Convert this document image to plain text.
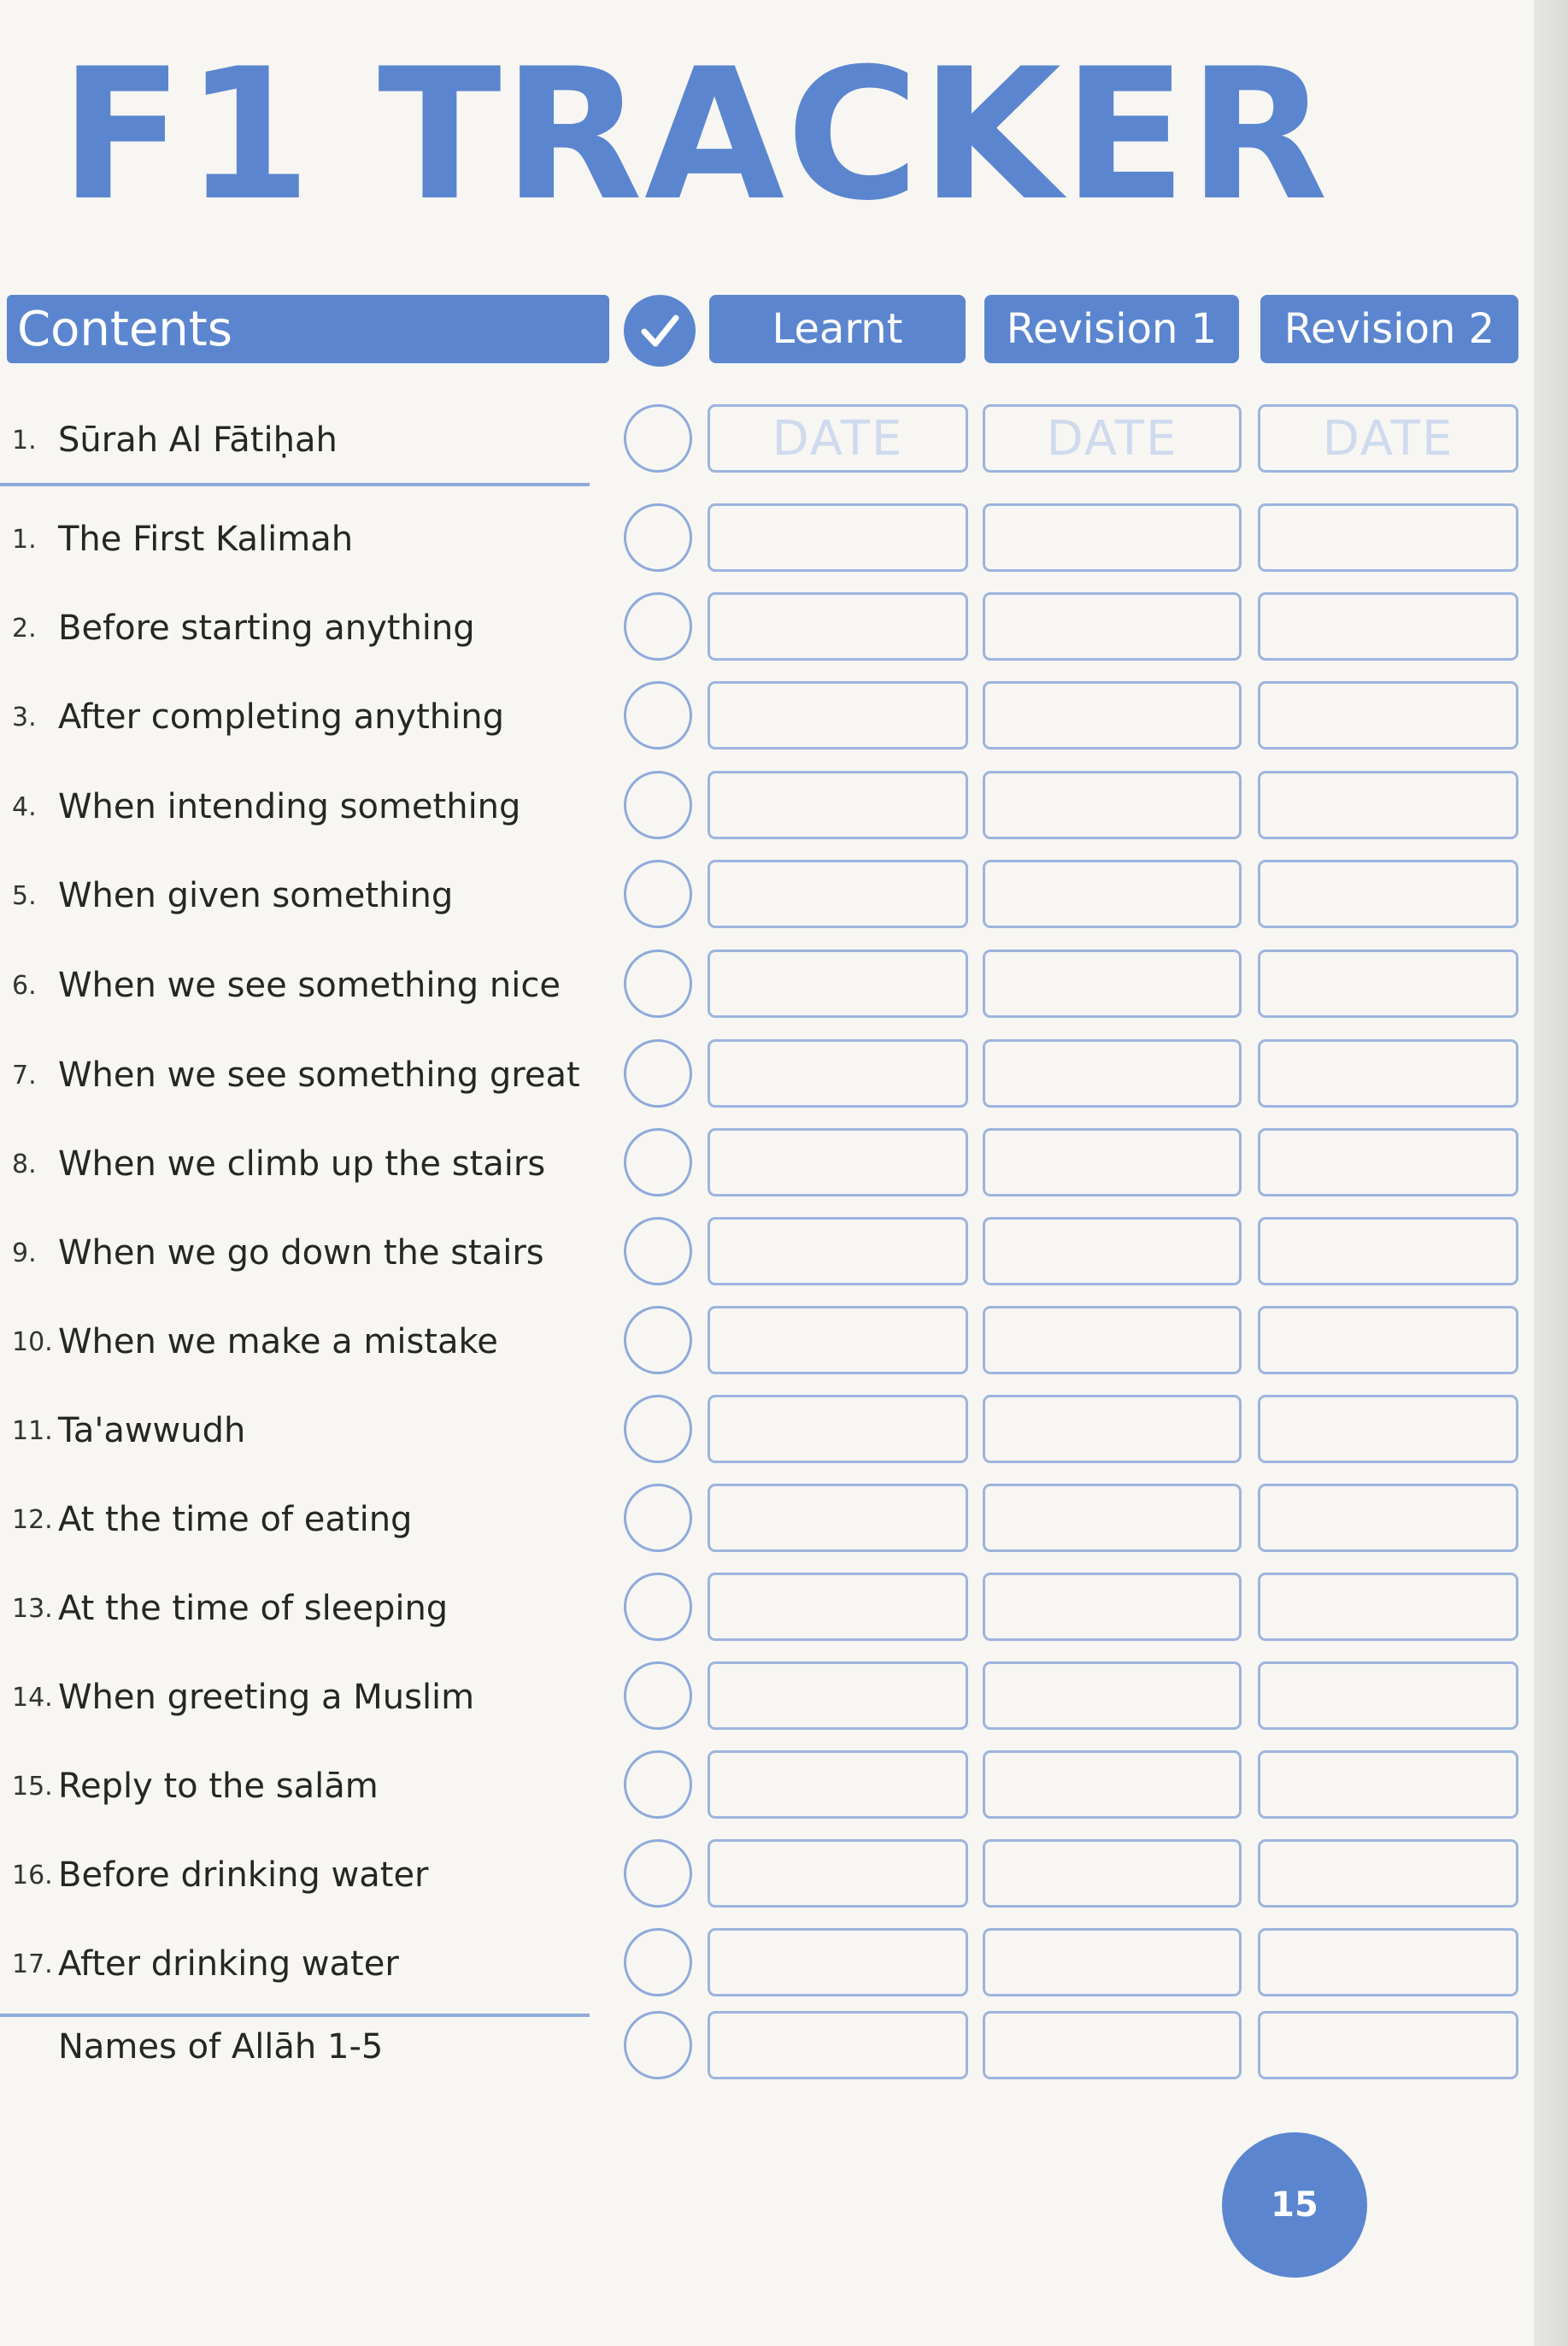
F1 TRACKER
Contents	Learnt	Revision 1	Revision 2
1. Sūrah Al Fātiḥah	DATE	DATE	DATE
1. The First Kalimah
2. Before starting anything
3. After completing anything
4. When intending something
5. When given something
6. When we see something nice
7. When we see something great
8. When we climb up the stairs
9. When we go down the stairs
10. When we make a mistake
11. Ta'awwudh
12. At the time of eating
13. At the time of sleeping
14. When greeting a Muslim
15. Reply to the salām
16. Before drinking water
17. After drinking water
Names of Allāh 1-5
15
